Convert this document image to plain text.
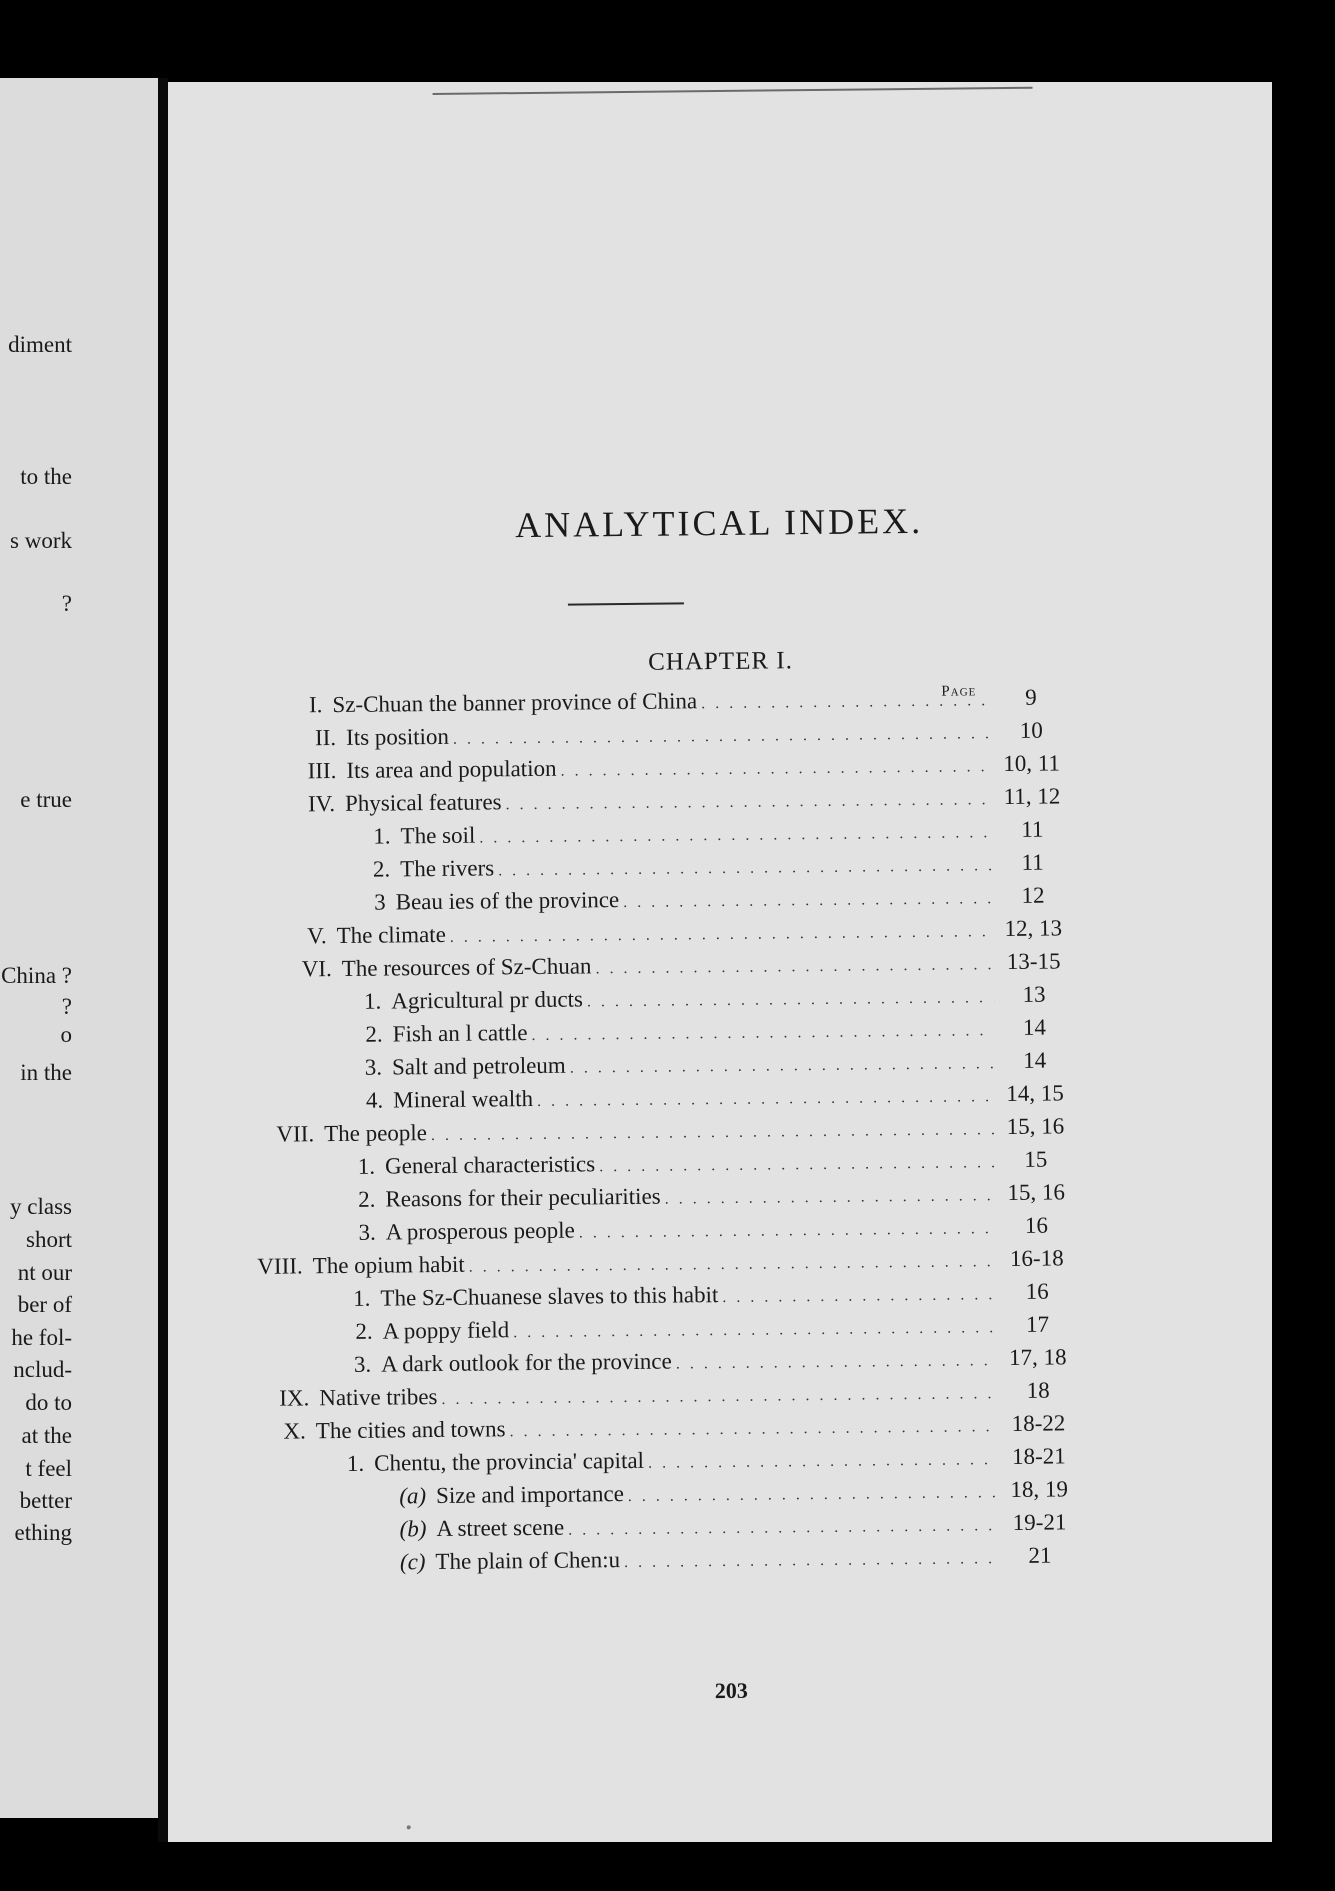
diment
to the
s work
?
e true
China ?
?
o
in the
y class
short
nt our
ber of
he fol-
nclud-
do to
at the
t feel
better
ething
ANALYTICAL INDEX.
CHAPTER I.
Page
I. Sz-Chuan the banner province of China . . .	9
II. Its position . . .	10
III. Its area and population . . .	10, 11
IV. Physical features . . .	11, 12
1. The soil . . .	11
2. The rivers . . .	11
3 Beau ies of the province . . .	12
V. The climate . . .	12, 13
VI. The resources of Sz-Chuan . . .	13-15
1. Agricultural pr ducts . . .	13
2. Fish an l cattle . . .	14
3. Salt and petroleum . . .	14
4. Mineral wealth . . .	14, 15
VII. The people . . .	15, 16
1. General characteristics . . .	15
2. Reasons for their peculiarities . . .	15, 16
3. A prosperous people . . .	16
VIII. The opium habit . . .	16-18
1. The Sz-Chuanese slaves to this habit . . .	16
2. A poppy field . . .	17
3. A dark outlook for the province . . .	17, 18
IX. Native tribes . . .	18
X. The cities and towns . . .	18-22
1. Chentu, the provincia' capital . . .	18-21
(a) Size and importance . . .	18, 19
(b) A street scene . . .	19-21
(c) The plain of Chen:u . . .	21
203
